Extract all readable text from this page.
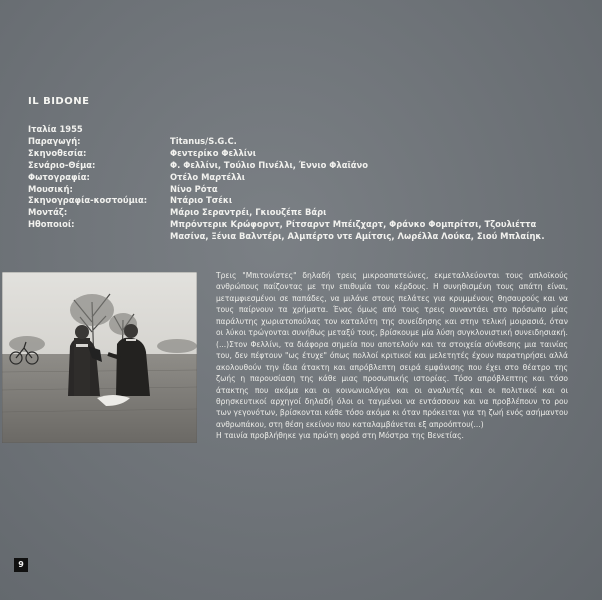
IL BIDONE
Ιταλία 1955
Παραγωγή:	Titanus/S.G.C.
Σκηνοθεσία:	Φεντερίκο Φελλίνι
Σενάριο-Θέμα:	Φ. Φελλίνι, Τούλιο Πινέλλι, Έννιο Φλαϊάνο
Φωτογραφία:	Οτέλο Μαρτέλλι
Μουσική:	Νίνο Ρότα
Σκηνογραφία-κοστούμια:	Ντάριο Τσέκι
Μοντάζ:	Μάριο Σεραντρέι, Γκιουζέπε Βάρι
Ηθοποιοί:	Μπρόντερικ Κρώφορντ, Ρίτσαρντ Μπέιζχαρτ, Φράνκο Φομπρίτσι, Τζουλιέττα Μασίνα, Ξένια Βαλντέρι, Αλμπέρτο ντε Αμίτσις, Λωρέλλα Λούκα, Σιού Μπλαίηκ.

Τρεις "Μπιτονίστες" δηλαδή τρεις μικροαπατεώνες, εκμεταλλεύονται τους απλοϊκούς ανθρώπους παίζοντας με την επιθυμία του κέρδους. Η συνηθισμένη τους απάτη είναι, μεταμφιεσμένοι σε παπάδες, να μιλάνε στους πελάτες για κρυμμένους θησαυρούς και να τους παίρνουν τα χρήματα. Ένας όμως από τους τρεις συναντάει στο πρόσωπο μίας παράλυτης χωριατοπούλας τον καταλύτη της συνείδησης και στην τελική μοιρασιά, όταν οι λύκοι τρώγονται συνήθως μεταξύ τους, βρίσκουμε μία λύση συγκλονιστική συνειδησιακή.

(...)Στον Φελλίνι, τα διάφορα σημεία που αποτελούν και τα στοιχεία σύνθεσης μια ταινίας του, δεν πέφτουν "ως έτυχε" όπως πολλοί κριτικοί και μελετητές έχουν παρατηρήσει αλλά ακολουθούν την ίδια άτακτη και απρόβλεπτη σειρά εμφάνισης που έχει στο θέατρο της ζωής η παρουσίαση της κάθε μιας προσωπικής ιστορίας. Τόσο απρόβλεπτης και τόσο άτακτης που ακόμα και οι κοινωνιολόγοι και οι αναλυτές και οι πολιτικοί και οι θρησκευτικοί αρχηγοί δηλαδή όλοι οι ταγμένοι να εντάσσουν και να προβλέπουν το ρου των γεγονότων, βρίσκονται κάθε τόσο ακόμα κι όταν πρόκειται για τη ζωή ενός ασήμαντου ανθρωπάκου, στη θέση εκείνου που καταλαμβάνεται εξ απροόπτου(...)

Η ταινία προβλήθηκε για πρώτη φορά στη Μόστρα της Βενετίας.

9
